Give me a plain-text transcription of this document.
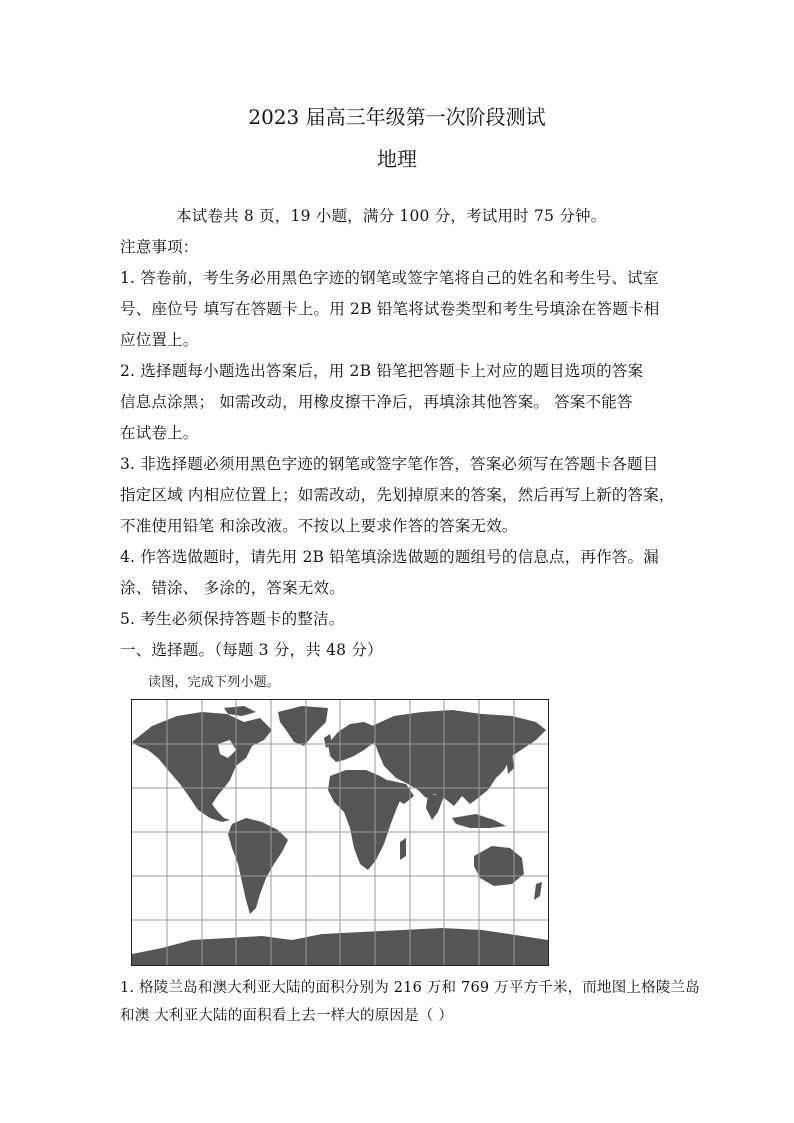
2023 届高三年级第一次阶段测试
地理
本试卷共 8 页，19 小题，满分 100 分，考试用时 75 分钟。
注意事项：
1. 答卷前，考生务必用黑色字迹的钢笔或签字笔将自己的姓名和考生号、试室
号、座位号 填写在答题卡上。用 2B 铅笔将试卷类型和考生号填涂在答题卡相
应位置上。
2. 选择题每小题选出答案后，用 2B 铅笔把答题卡上对应的题目选项的答案
信息点涂黑； 如需改动，用橡皮擦干净后，再填涂其他答案。 答案不能答
在试卷上。
3. 非选择题必须用黑色字迹的钢笔或签字笔作答，答案必须写在答题卡各题目
指定区域 内相应位置上；如需改动，先划掉原来的答案，然后再写上新的答案，
不准使用铅笔 和涂改液。不按以上要求作答的答案无效。
4. 作答选做题时，请先用 2B 铅笔填涂选做题的题组号的信息点，再作答。漏
涂、错涂、 多涂的，答案无效。
5. 考生必须保持答题卡的整洁。
一、选择题。（每题 3 分，共 48 分）
读图，完成下列小题。
1. 格陵兰岛和澳大利亚大陆的面积分别为 216 万和 769 万平方千米，而地图上格陵兰岛
和澳 大利亚大陆的面积看上去一样大的原因是（ ）
